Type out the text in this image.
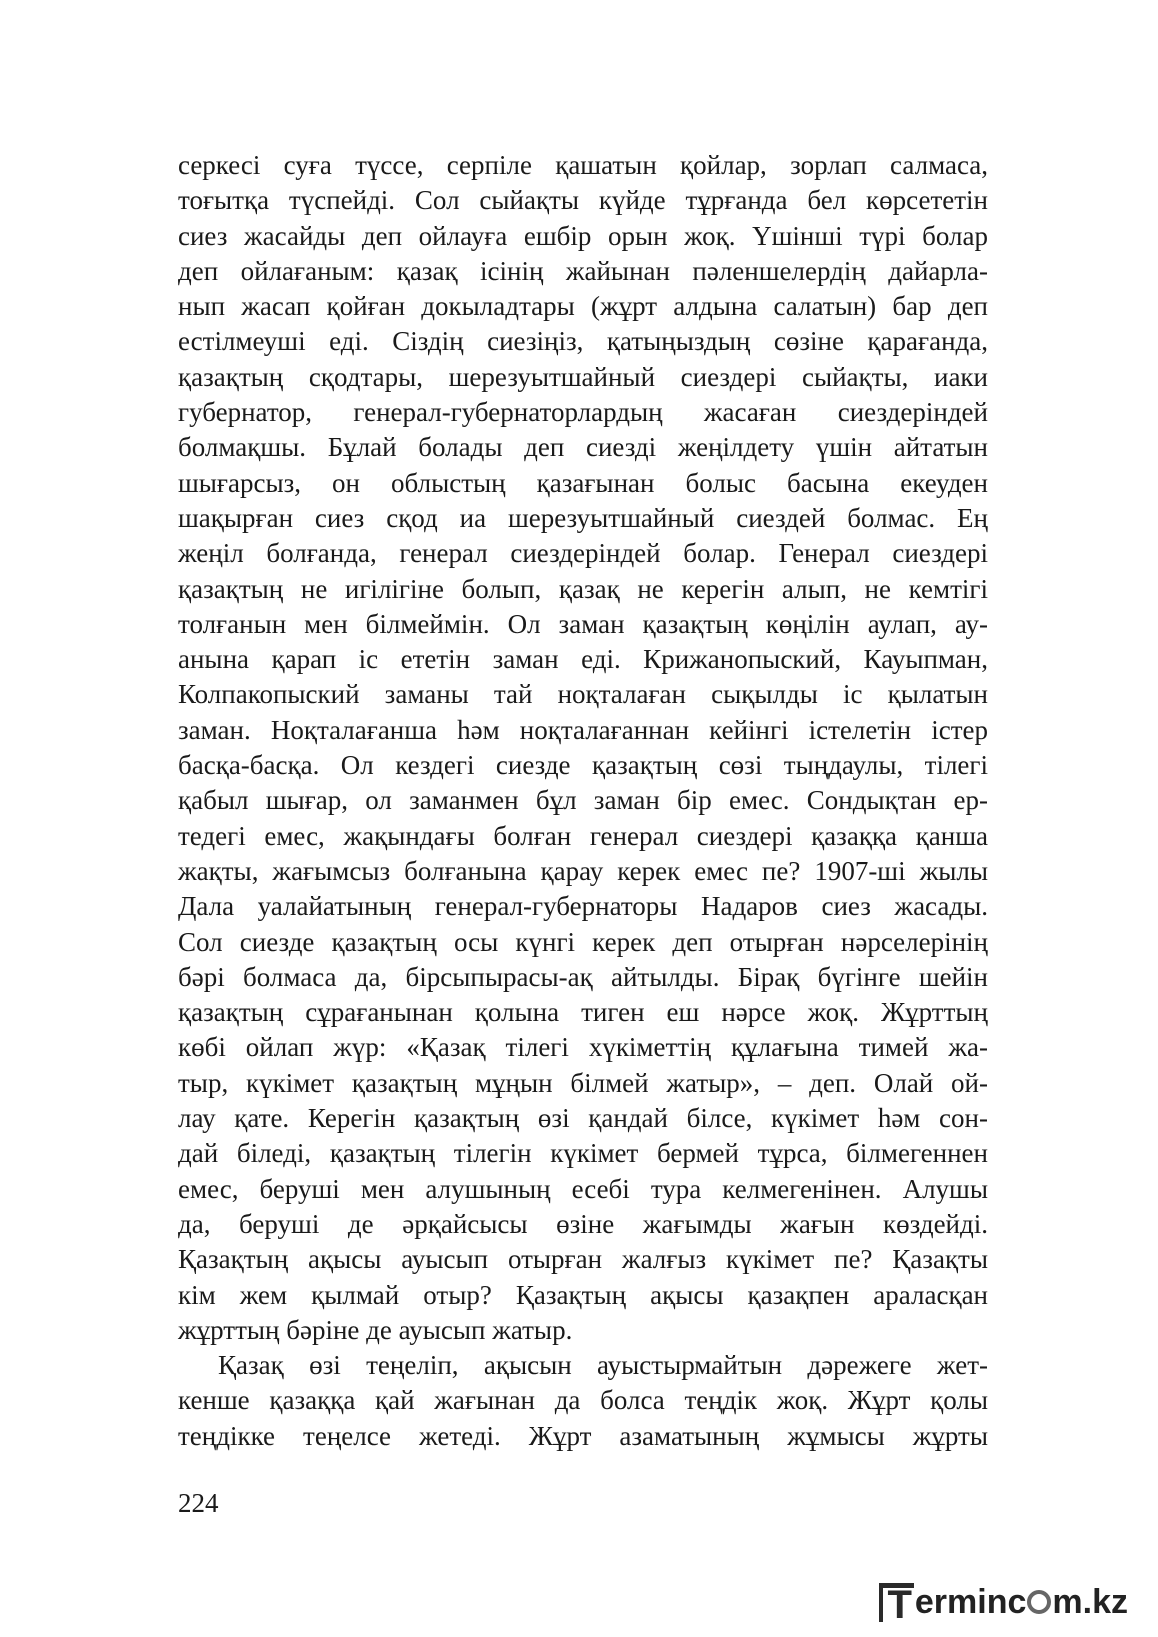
серкесі суға түссе, серпіле қашатын қойлар, зорлап салмаса,
тоғытқа түспейді. Сол сыйақты күйде тұрғанда бел көрсететін
сиез жасайды деп ойлауға ешбір орын жоқ. Үшінші түрі болар
деп ойлағаным: қазақ ісінің жайынан пәленшелердің дайарла-
нып жасап қойған докыладтары (жұрт алдына салатын) бар деп
естілмеуші еді. Сіздің сиезіңіз, қатыңыздың сөзіне қарағанда,
қазақтың сқодтары, шерезуытшайный сиездері сыйақты, иаки
губернатор, генерал-губернаторлардың жасаған сиездеріндей
болмақшы. Бұлай болады деп сиезді жеңілдету үшін айтатын
шығарсыз, он облыстың қазағынан болыс басына екеуден
шақырған сиез сқод иа шерезуытшайный сиездей болмас. Ең
жеңіл болғанда, генерал сиездеріндей болар. Генерал сиездері
қазақтың не игілігіне болып, қазақ не керегін алып, не кемтігі
толғанын мен білмеймін. Ол заман қазақтың көңілін аулап, ау-
анына қарап іс ететін заман еді. Крижанопыский, Кауыпман,
Колпакопыский заманы тай ноқталаған сықылды іс қылатын
заман. Ноқталағанша һәм ноқталағаннан кейінгі істелетін істер
басқа-басқа. Ол кездегі сиезде қазақтың сөзі тыңдаулы, тілегі
қабыл шығар, ол заманмен бұл заман бір емес. Сондықтан ер-
тедегі емес, жақындағы болған генерал сиездері қазаққа қанша
жақты, жағымсыз болғанына қарау керек емес пе? 1907-ші жылы
Дала уалайатының генерал-губернаторы Надаров сиез жасады.
Сол сиезде қазақтың осы күнгі керек деп отырған нәрселерінің
бәрі болмаса да, бірсыпырасы-ақ айтылды. Бірақ бүгінге шейін
қазақтың сұрағанынан қолына тиген еш нәрсе жоқ. Жұрттың
көбі ойлап жүр: «Қазақ тілегі хүкіметтің құлағына тимей жа-
тыр, күкімет қазақтың мұңын білмей жатыр», – деп. Олай ой-
лау қате. Керегін қазақтың өзі қандай білсе, күкімет һәм сон-
дай біледі, қазақтың тілегін күкімет бермей тұрса, білмегеннен
емес, беруші мен алушының есебі тура келмегенінен. Алушы
да, беруші де әрқайсысы өзіне жағымды жағын көздейді.
Қазақтың ақысы ауысып отырған жалғыз күкімет пе? Қазақты
кім жем қылмай отыр? Қазақтың ақысы қазақпен араласқан
жұрттың бәріне де ауысып жатыр.
Қазақ өзі теңеліп, ақысын ауыстырмайтын дәрежеге жет-
кенше қазаққа қай жағынан да болса теңдік жоқ. Жұрт қолы
теңдікке теңелсе жетеді. Жұрт азаматының жұмысы жұрты
224
T ermin c m.kz
